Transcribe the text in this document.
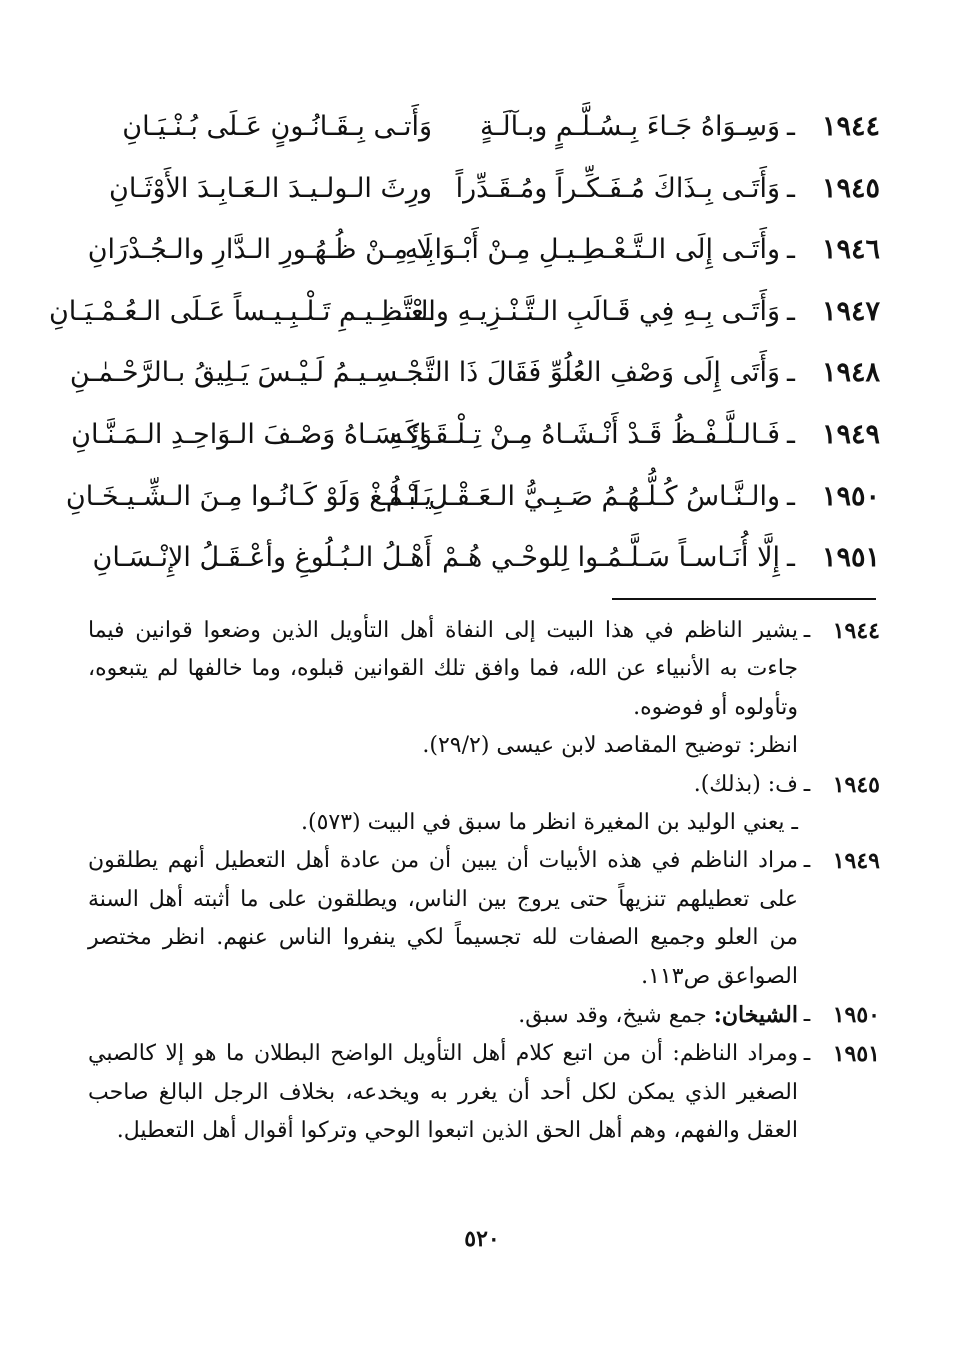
١٩٤٤
ـ
وَسِـوَاهُ جَـاءَ بِـسُـلَّـمٍ وبـآلَـةٍ
وَأَتـى بِـقَـانُـونٍ عَـلَى بُـنْـيَـانِ
١٩٤٥
ـ
وَأَتَـى بِـذَاكَ مُـفَـكِّـراً ومُـقَـدِّراً
ورِثَ الـولـيـدَ الـعَـابِـدَ الأَوْثَـانِ
١٩٤٦
ـ
وأَتَـى إِلَى الـتَّـعْـطِـيـلِ مِـنْ أَبْـوَابِـهِ
لَا مِـنْ ظُـهُـورِ الـدَّارِ والـجُـدْرَانِ
١٩٤٧
ـ
وَأَتَـى بِـهِ فِي قَـالَبِ الـتَّـنْـزِيـهِ والـتَّـ
ـعْـظِـيـمِ تَـلْـبِـيـساً عَـلَى الـعُـمْـيَـانِ
١٩٤٨
ـ
وَأَتَى إِلَى وَصْفِ العُلُوِّ فَقَالَ ذَا التَّـ
ـجْـسِـيـمُ لَـيْـسَ يَـلِيقُ بـالرَّحْـمٰـنِ
١٩٤٩
ـ
فَـالـلَّـفْـظُ قَـدْ أَنْـشَـاهُ مِـنْ تِـلْـقَـائِـهِ
وَكَـسَـاهُ وَصْـفَ الـوَاحِـدِ الـمَـنَّـانِ
١٩٥٠
ـ
والـنَّـاسُ كُـلُّـهُـمُ صَـبِـيُّ الـعَـقْـلِ لَـمْ
يَـبْـلُـغْ وَلَوْ كَـانُـوا مِـنَ الـشِّـيـخَـانِ
١٩٥١
ـ
إِلَّا أُنَـاسـاً سَـلَّـمُـوا لِلوحْـي هُـمْ
أَهْـلُ الـبُـلُوغِ وأعْـقَـلُ الإِنْـسَـانِ
١٩٤٤
ـ
يشير الناظم في هذا البيت إلى النفاة أهل التأويل الذين وضعوا قوانين فيما جاءت به الأنبياء عن الله، فما وافق تلك القوانين قبلوه، وما خالفها لم يتبعوه، وتأولوه أو فوضوه.
انظر: توضيح المقاصد لابن عيسى (٢٩/٢).
١٩٤٥
ـ
ف: (بذلك).
ـ يعني الوليد بن المغيرة انظر ما سبق في البيت (٥٧٣).
١٩٤٩
ـ
مراد الناظم في هذه الأبيات أن يبين أن من عادة أهل التعطيل أنهم يطلقون على تعطيلهم تنزيهاً حتى يروج بين الناس، ويطلقون على ما أثبته أهل السنة من العلو وجميع الصفات لله تجسيماً لكي ينفروا الناس عنهم. انظر مختصر الصواعق ص١١٣.
١٩٥٠
ـ
الشيخان: جمع شيخ، وقد سبق.
١٩٥١
ـ
ومراد الناظم: أن من اتبع كلام أهل التأويل الواضح البطلان ما هو إلا كالصبي الصغير الذي يمكن لكل أحد أن يغرر به ويخدعه، بخلاف الرجل البالغ صاحب العقل والفهم، وهم أهل الحق الذين اتبعوا الوحي وتركوا أقوال أهل التعطيل.
٥٢٠
